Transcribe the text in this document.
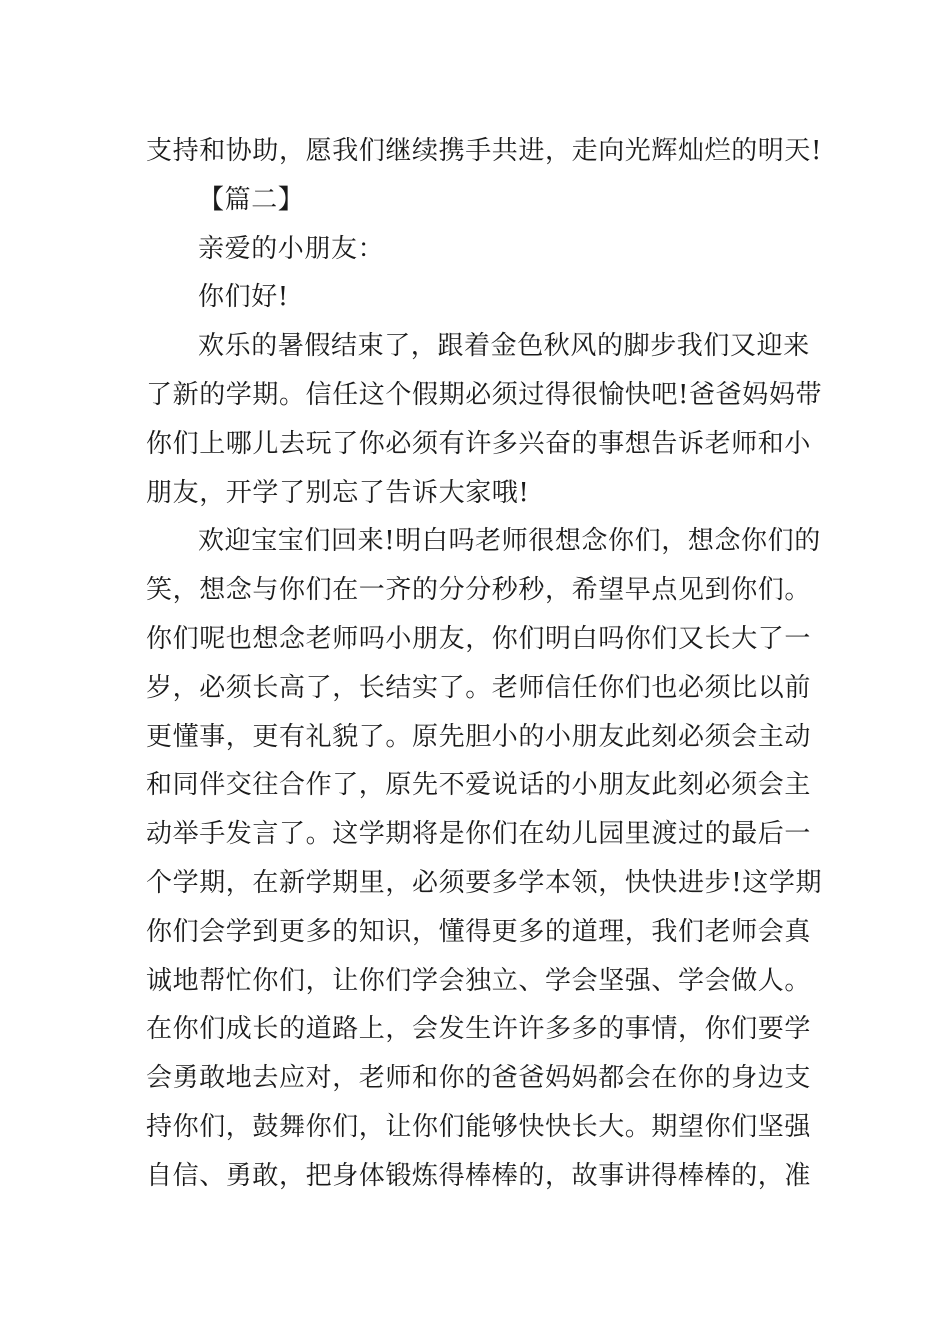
支持和协助，愿我们继续携手共进，走向光辉灿烂的明天!
【篇二】
亲爱的小朋友：
你们好!
欢乐的暑假结束了，跟着金色秋风的脚步我们又迎来
了新的学期。信任这个假期必须过得很愉快吧!爸爸妈妈带
你们上哪儿去玩了你必须有许多兴奋的事想告诉老师和小
朋友，开学了别忘了告诉大家哦!
欢迎宝宝们回来!明白吗老师很想念你们，想念你们的
笑，想念与你们在一齐的分分秒秒，希望早点见到你们。
你们呢也想念老师吗小朋友，你们明白吗你们又长大了一
岁，必须长高了，长结实了。老师信任你们也必须比以前
更懂事，更有礼貌了。原先胆小的小朋友此刻必须会主动
和同伴交往合作了，原先不爱说话的小朋友此刻必须会主
动举手发言了。这学期将是你们在幼儿园里渡过的最后一
个学期，在新学期里，必须要多学本领，快快进步!这学期
你们会学到更多的知识，懂得更多的道理，我们老师会真
诚地帮忙你们，让你们学会独立、学会坚强、学会做人。
在你们成长的道路上，会发生许许多多的事情，你们要学
会勇敢地去应对，老师和你的爸爸妈妈都会在你的身边支
持你们，鼓舞你们，让你们能够快快长大。期望你们坚强
自信、勇敢，把身体锻炼得棒棒的，故事讲得棒棒的，准
